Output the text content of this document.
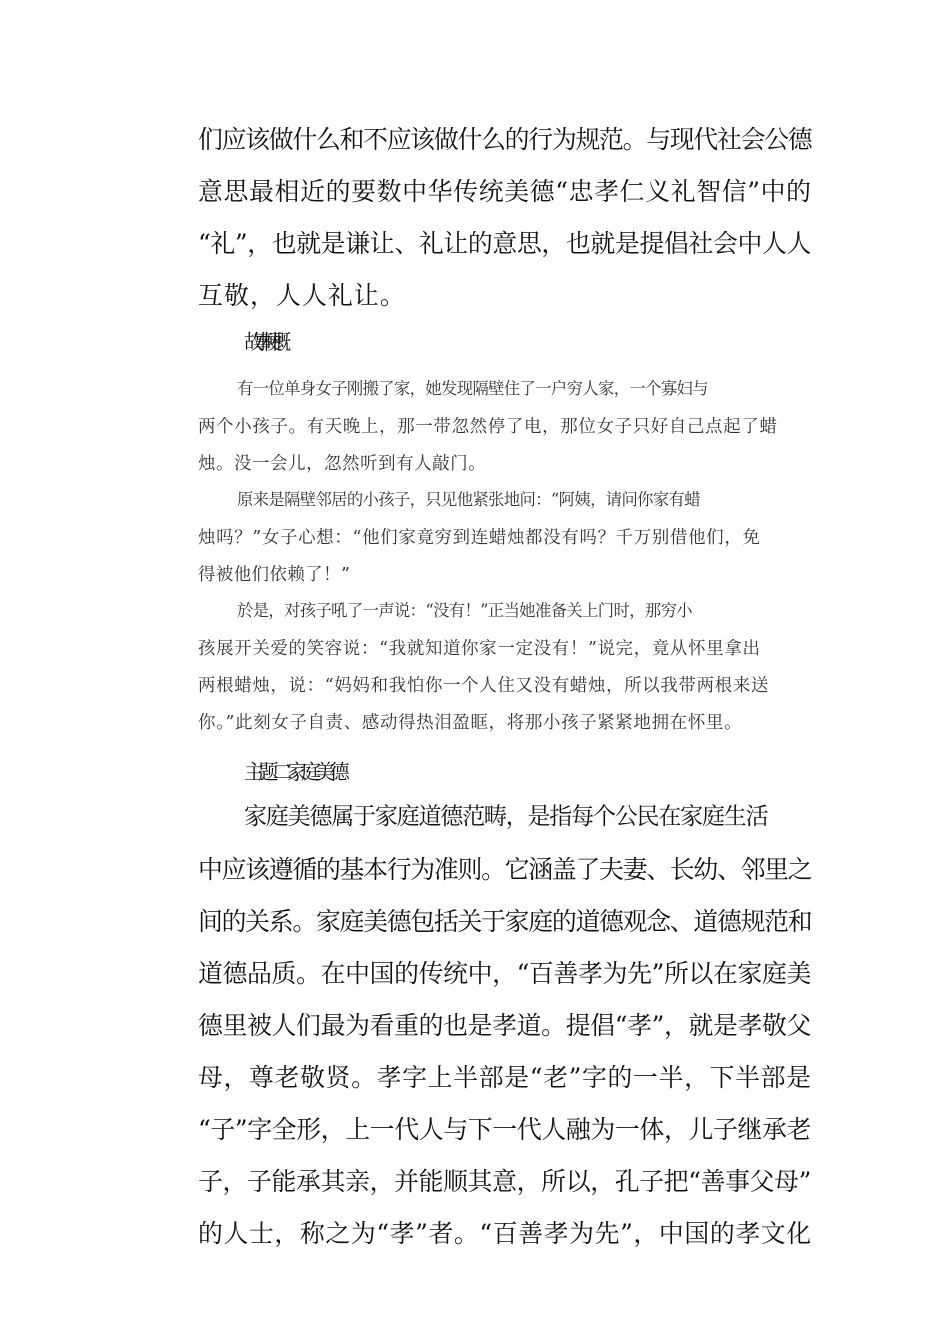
们应该做什么和不应该做什么的行为规范。与现代社会公德
意思最相近的要数中华传统美德“忠孝仁义礼智信”中的
“礼”，也就是谦让、礼让的意思，也就是提倡社会中人人
互敬，人人礼让。
故事梗概
有一位单身女子刚搬了家，她发现隔壁住了一户穷人家，一个寡妇与
两个小孩子。有天晚上，那一带忽然停了电，那位女子只好自己点起了蜡
烛。没一会儿，忽然听到有人敲门。
原来是隔壁邻居的小孩子，只见他紧张地问：“阿姨，请问你家有蜡
烛吗？”女子心想：“他们家竟穷到连蜡烛都没有吗？千万别借他们，免
得被他们依赖了！”
於是，对孩子吼了一声说：“没有！”正当她准备关上门时，那穷小
孩展开关爱的笑容说：“我就知道你家一定没有！”说完，竟从怀里拿出
两根蜡烛，说：“妈妈和我怕你一个人住又没有蜡烛，所以我带两根来送
你。”此刻女子自责、感动得热泪盈眶，将那小孩子紧紧地拥在怀里。
主题二家庭美德
家庭美德属于家庭道德范畴，是指每个公民在家庭生活
中应该遵循的基本行为准则。它涵盖了夫妻、长幼、邻里之
间的关系。家庭美德包括关于家庭的道德观念、道德规范和
道德品质。在中国的传统中，“百善孝为先”所以在家庭美
德里被人们最为看重的也是孝道。提倡“孝”，就是孝敬父
母，尊老敬贤。孝字上半部是“老”字的一半，下半部是
“子”字全形，上一代人与下一代人融为一体，儿子继承老
子，子能承其亲，并能顺其意，所以，孔子把“善事父母”
的人士，称之为“孝”者。“百善孝为先”，中国的孝文化
